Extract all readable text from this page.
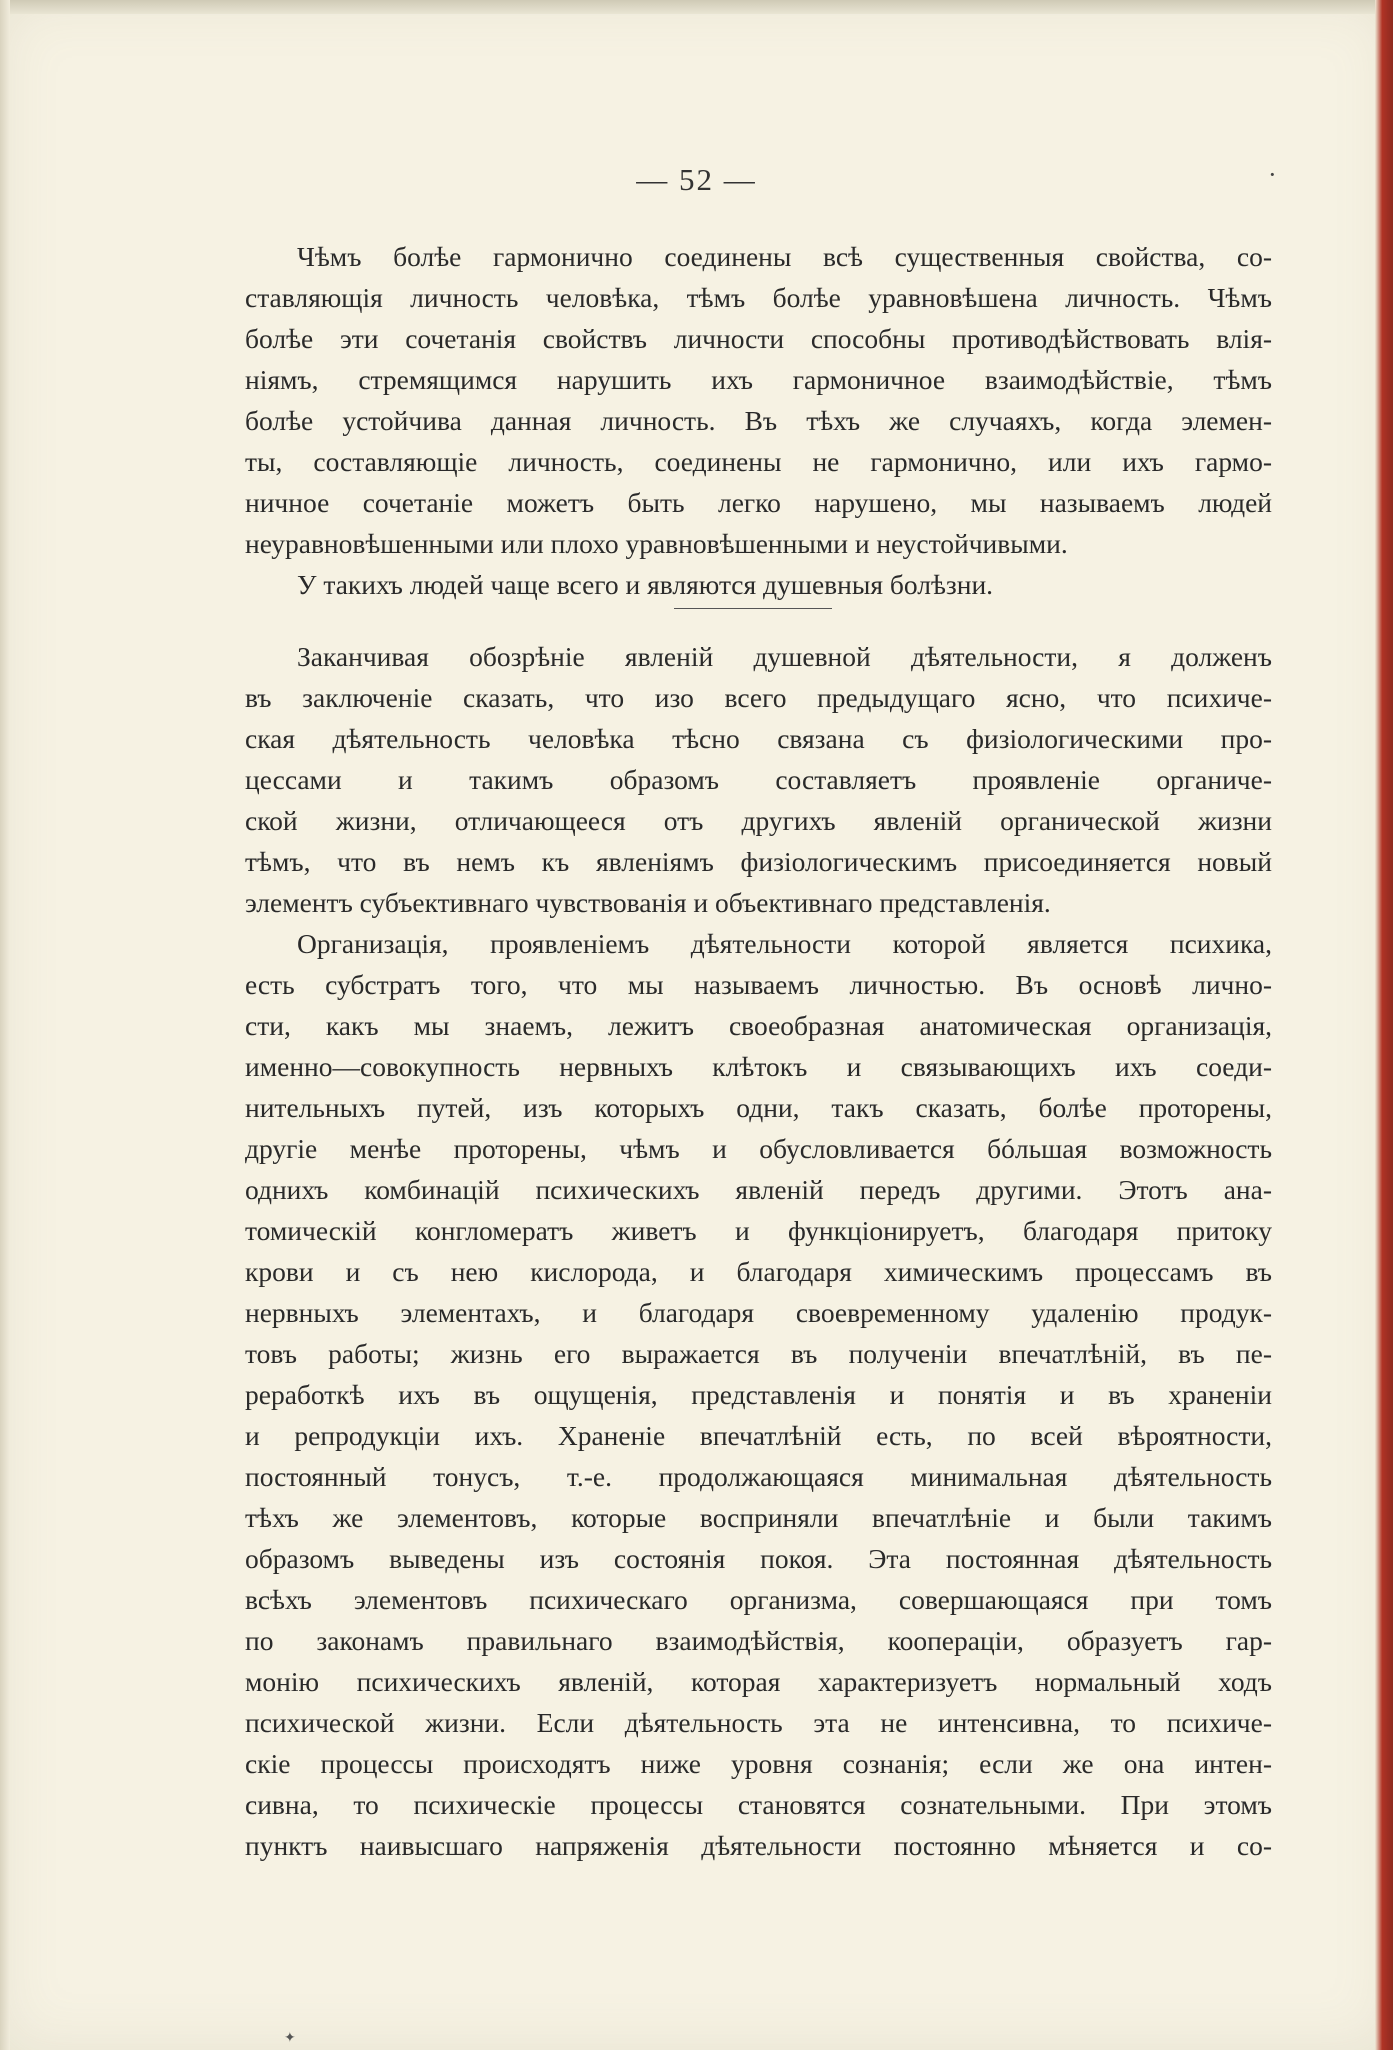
— 52 —	·
Чѣмъ болѣе гармонично соединены всѣ существенныя свойства, со-
ставляющія личность человѣка, тѣмъ болѣе уравновѣшена личность. Чѣмъ
болѣе эти сочетанія свойствъ личности способны противодѣйствовать влія-
ніямъ, стремящимся нарушить ихъ гармоничное взаимодѣйствіе, тѣмъ
болѣе устойчива данная личность. Въ тѣхъ же случаяхъ, когда элемен-
ты, составляющіе личность, соединены не гармонично, или ихъ гармо-
ничное сочетаніе можетъ быть легко нарушено, мы называемъ людей
неуравновѣшенными или плохо уравновѣшенными и неустойчивыми.
У такихъ людей чаще всего и являются душевныя болѣзни.
Заканчивая обозрѣніе явленій душевной дѣятельности, я долженъ
въ заключеніе сказать, что изо всего предыдущаго ясно, что психиче-
ская дѣятельность человѣка тѣсно связана съ физіологическими про-
цессами и такимъ образомъ составляетъ проявленіе органиче-
ской жизни, отличающееся отъ другихъ явленій органической жизни
тѣмъ, что въ немъ къ явленіямъ физіологическимъ присоединяется новый
элементъ субъективнаго чувствованія и объективнаго представленія.
Организація, проявленіемъ дѣятельности которой является психика,
есть субстратъ того, что мы называемъ личностью. Въ основѣ лично-
сти, какъ мы знаемъ, лежитъ своеобразная анатомическая организація,
именно—совокупность нервныхъ клѣтокъ и связывающихъ ихъ соеди-
нительныхъ путей, изъ которыхъ одни, такъ сказать, болѣе проторены,
другіе менѣе проторены, чѣмъ и обусловливается бóльшая возможность
однихъ комбинацій психическихъ явленій передъ другими. Этотъ ана-
томическій конгломератъ живетъ и функціонируетъ, благодаря притоку
крови и съ нею кислорода, и благодаря химическимъ процессамъ въ
нервныхъ элементахъ, и благодаря своевременному удаленію продук-
товъ работы; жизнь его выражается въ полученіи впечатлѣній, въ пе-
реработкѣ ихъ въ ощущенія, представленія и понятія и въ храненіи
и репродукціи ихъ. Храненіе впечатлѣній есть, по всей вѣроятности,
постоянный тонусъ, т.-е. продолжающаяся минимальная дѣятельность
тѣхъ же элементовъ, которые восприняли впечатлѣніе и были такимъ
образомъ выведены изъ состоянія покоя. Эта постоянная дѣятельность
всѣхъ элементовъ психическаго организма, совершающаяся при томъ
по законамъ правильнаго взаимодѣйствія, коопераціи, образуетъ гар-
монію психическихъ явленій, которая характеризуетъ нормальный ходъ
психической жизни. Если дѣятельность эта не интенсивна, то психиче-
скіе процессы происходятъ ниже уровня сознанія; если же она интен-
сивна, то психическіе процессы становятся сознательными. При этомъ
пунктъ наивысшаго напряженія дѣятельности постоянно мѣняется и со-
✦
